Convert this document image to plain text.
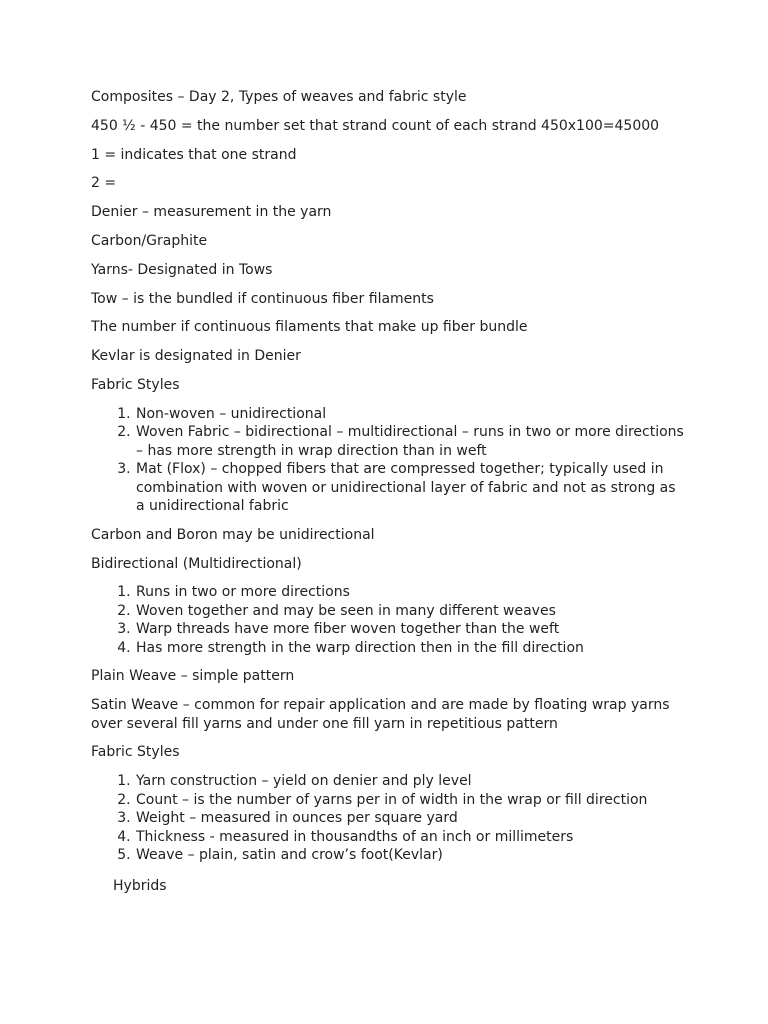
Composites – Day 2, Types of weaves and fabric style

450 ½ - 450 = the number set that strand count of each strand 450x100=45000

1 = indicates that one strand

2 =

Denier – measurement in the yarn

Carbon/Graphite

Yarns- Designated in Tows

Tow – is the bundled if continuous fiber filaments

The number if continuous filaments that make up fiber bundle

Kevlar is designated in Denier

Fabric Styles

1. Non-woven – unidirectional
2. Woven Fabric – bidirectional – multidirectional – runs in two or more directions – has more strength in wrap direction than in weft
3. Mat (Flox) – chopped fibers that are compressed together; typically used in combination with woven or unidirectional layer of fabric and not as strong as a unidirectional fabric

Carbon and Boron may be unidirectional

Bidirectional (Multidirectional)

1. Runs in two or more directions
2. Woven together and may be seen in many different weaves
3. Warp threads have more fiber woven together than the weft
4. Has more strength in the warp direction then in the fill direction

Plain Weave – simple pattern

Satin Weave – common for repair application and are made by floating wrap yarns over several fill yarns and under one fill yarn in repetitious pattern

Fabric Styles

1. Yarn construction – yield on denier and ply level
2. Count – is the number of yarns per in of width in the wrap or fill direction
3. Weight – measured in ounces per square yard
4. Thickness - measured in thousandths of an inch or millimeters
5. Weave – plain, satin and crow’s foot(Kevlar)

Hybrids
